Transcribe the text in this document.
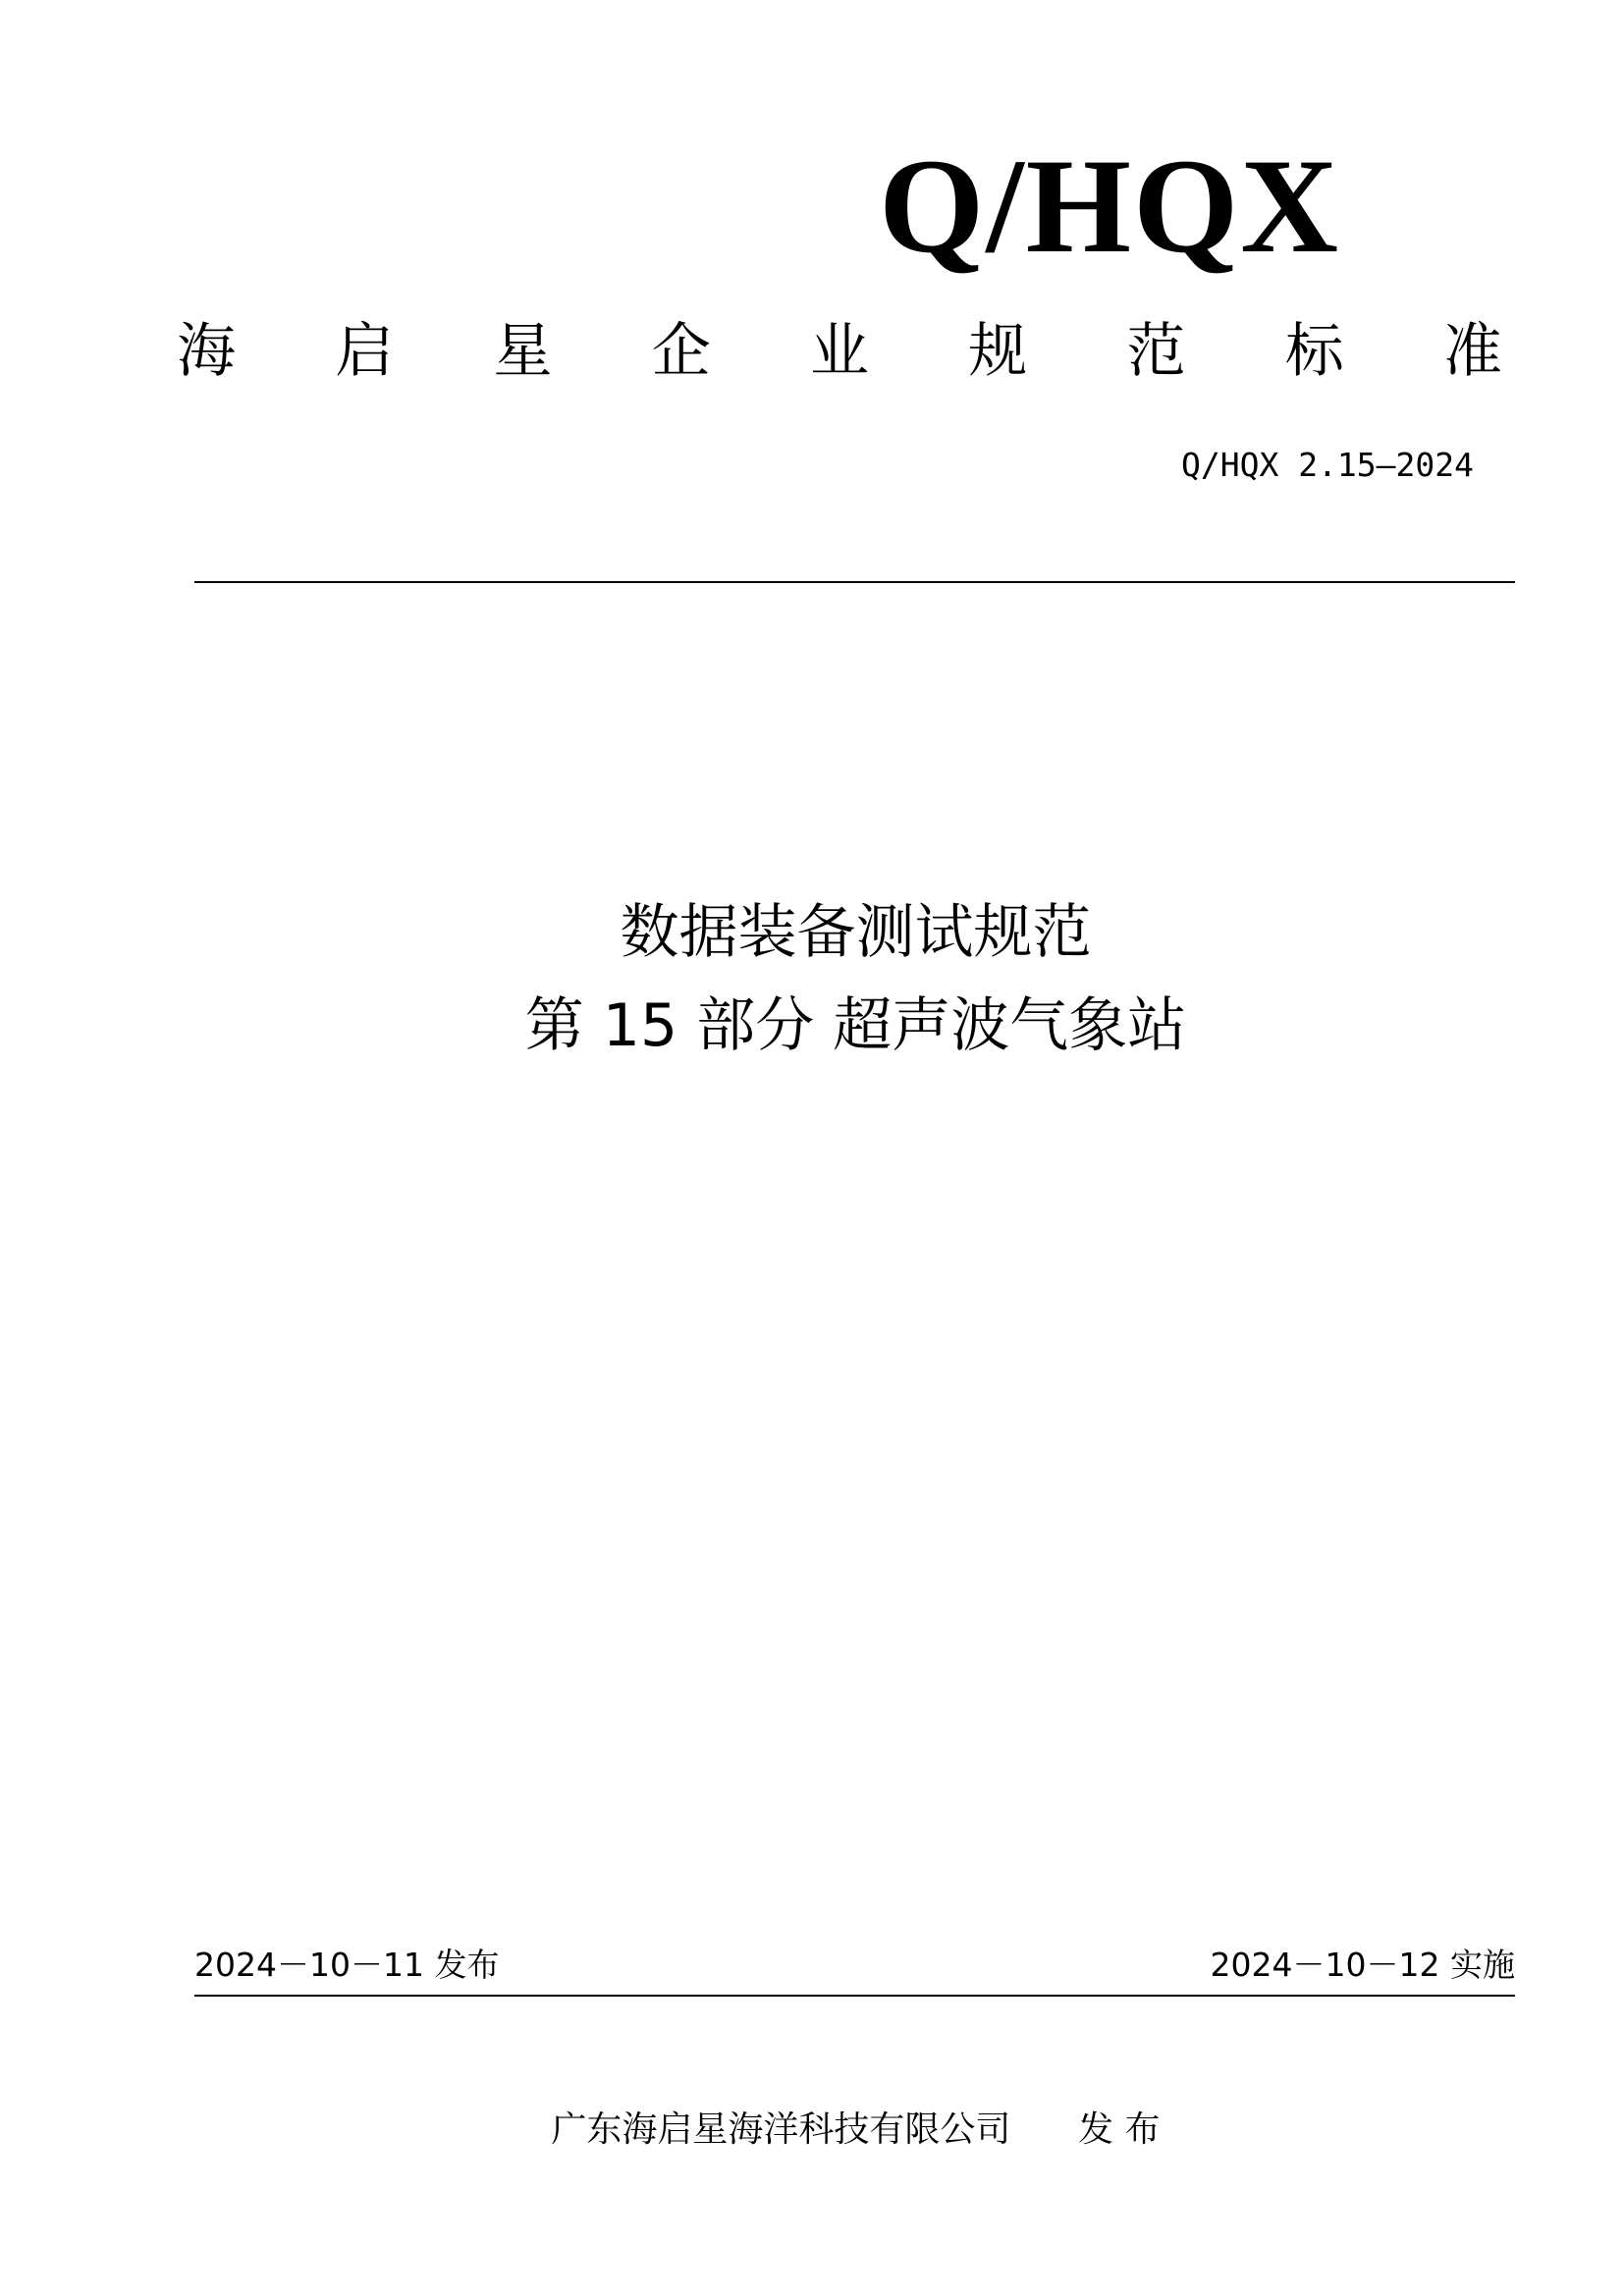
Q/HQX
海 启 星 企 业 规 范 标 准
Q/HQX 2.15—2024
数据装备测试规范
第 15 部分 超声波气象站
2024－10－11 发布	2024－10－12 实施
广东海启星海洋科技有限公司 发 布
